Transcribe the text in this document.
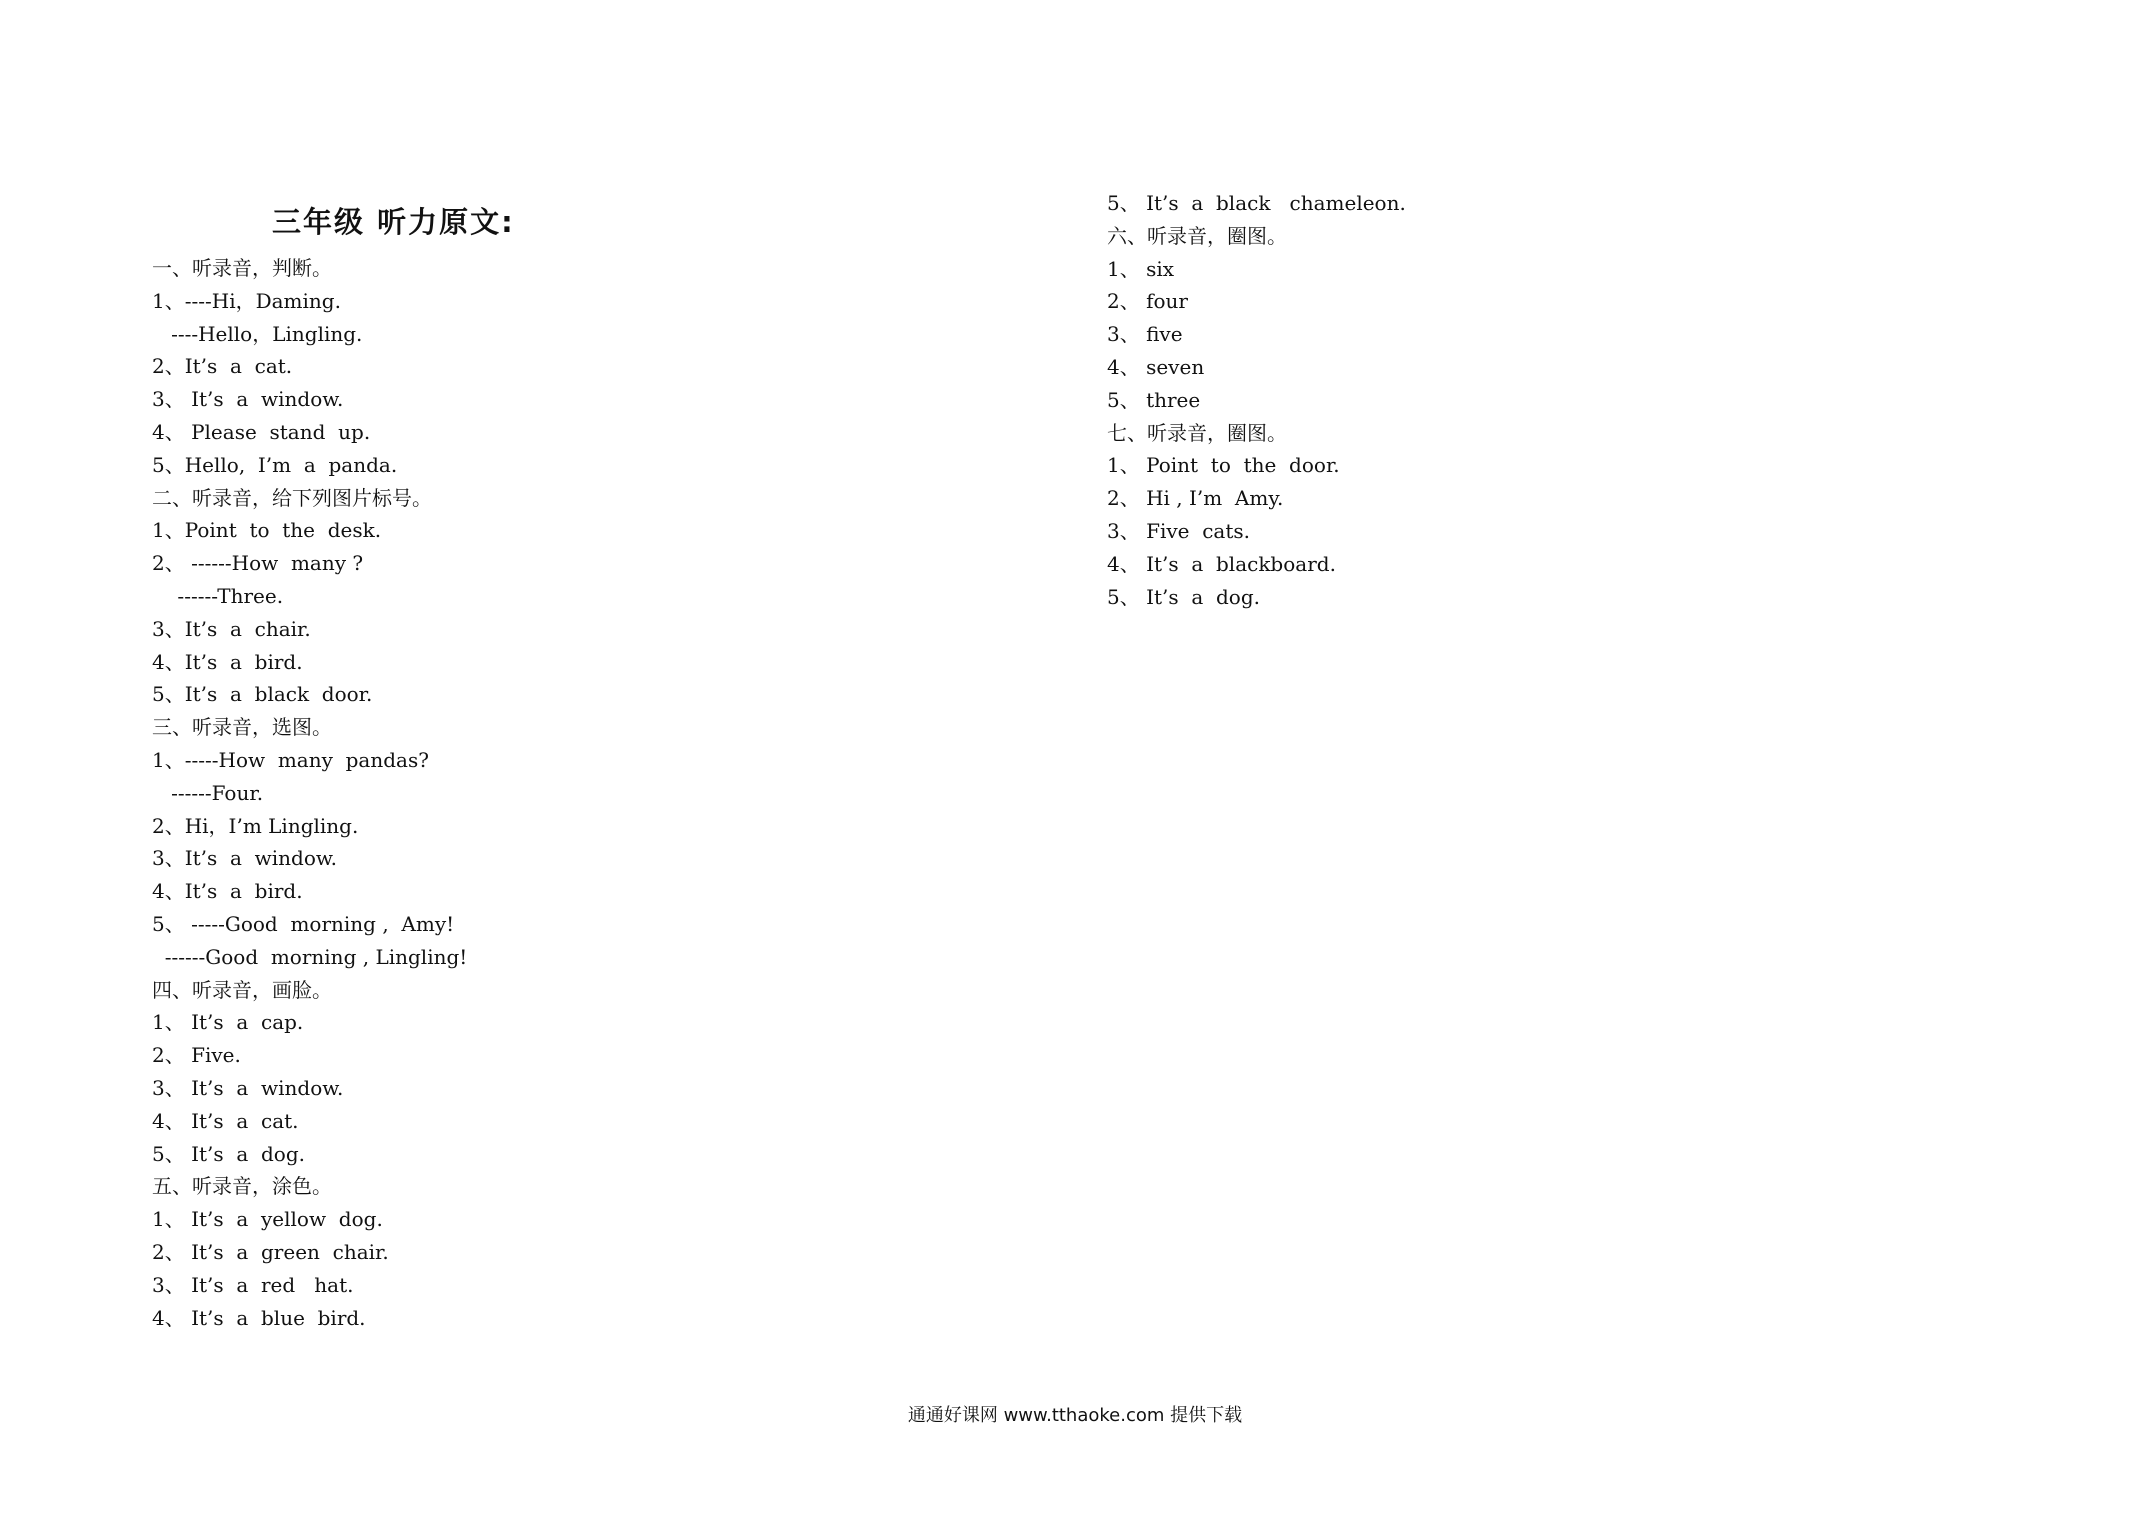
三年级 听力原文:
一、听录音，判断。
1、----Hi，Daming.
----Hello，Lingling.
2、It’s  a  cat.
3、 It’s  a  window.
4、 Please  stand  up.
5、Hello,  I’m  a  panda.
二、听录音，给下列图片标号。
1、Point  to  the  desk.
2、 ------How  many ?
------Three.
3、It’s  a  chair.
4、It’s  a  bird.
5、It’s  a  black  door.
三、听录音，选图。
1、-----How  many  pandas?
------Four.
2、Hi，I’m Lingling.
3、It’s  a  window.
4、It’s  a  bird.
5、 -----Good  morning ,  Amy!
------Good  morning , Lingling!
四、听录音，画脸。
1、 It’s  a  cap.
2、 Five.
3、 It’s  a  window.
4、 It’s  a  cat.
5、 It’s  a  dog.
五、听录音，涂色。
1、 It’s  a  yellow  dog.
2、 It’s  a  green  chair.
3、 It’s  a  red   hat.
4、 It’s  a  blue  bird.
5、 It’s  a  black   chameleon.
六、听录音，圈图。
1、 six
2、 four
3、 five
4、 seven
5、 three
七、听录音，圈图。
1、 Point  to  the  door.
2、 Hi , I’m  Amy.
3、 Five  cats.
4、 It’s  a  blackboard.
5、 It’s  a  dog.
通通好课网 www.tthaoke.com 提供下载
